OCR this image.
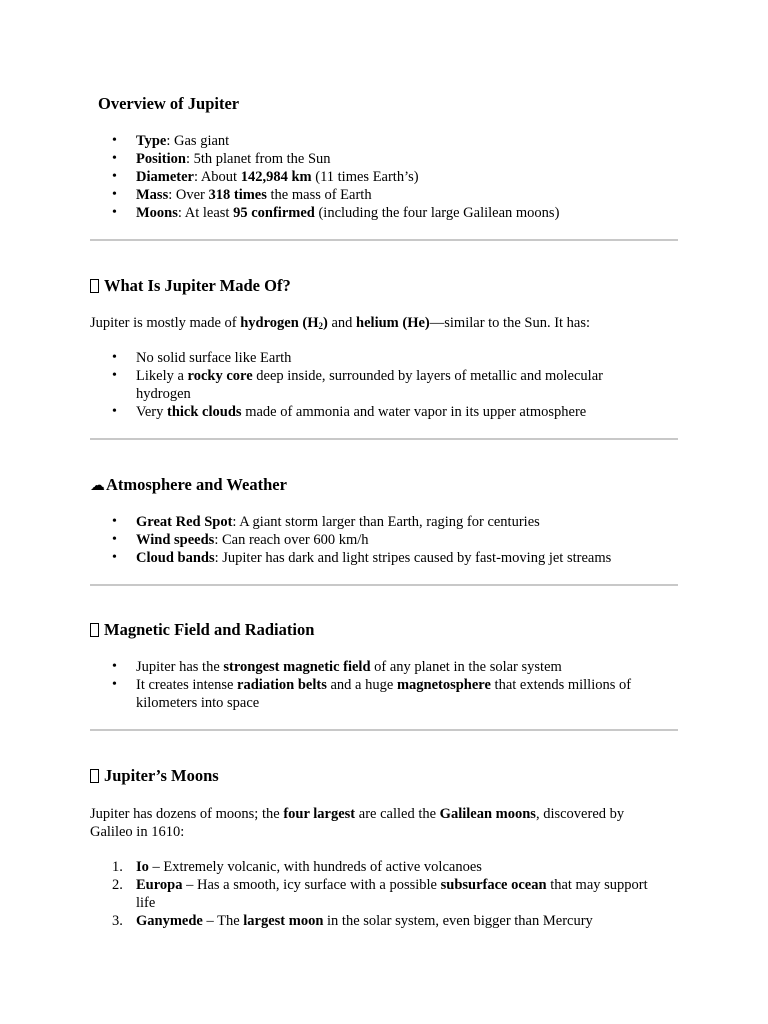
Overview of Jupiter
• Type: Gas giant
• Position: 5th planet from the Sun
• Diameter: About 142,984 km (11 times Earth’s)
• Mass: Over 318 times the mass of Earth
• Moons: At least 95 confirmed (including the four large Galilean moons)
What Is Jupiter Made Of?

Jupiter is mostly made of hydrogen $(H_2)$ and helium (He)—similar to the Sun. It has:

• No solid surface like Earth
• Likely a rocky core deep inside, surrounded by layers of metallic and molecular hydrogen
• Very thick clouds made of ammonia and water vapor in its upper atmosphere
☁Atmosphere and Weather
• Great Red Spot: A giant storm larger than Earth, raging for centuries
• Wind speeds: Can reach over 600 km/h
• Cloud bands: Jupiter has dark and light stripes caused by fast-moving jet streams
Magnetic Field and Radiation
• Jupiter has the strongest magnetic field of any planet in the solar system
• It creates intense radiation belts and a huge magnetosphere that extends millions of kilometers into space
Jupiter’s Moons

Jupiter has dozens of moons; the four largest are called the Galilean moons, discovered by Galileo in 1610:

1. Io – Extremely volcanic, with hundreds of active volcanoes
2. Europa – Has a smooth, icy surface with a possible subsurface ocean that may support life
3. Ganymede – The largest moon in the solar system, even bigger than Mercury
